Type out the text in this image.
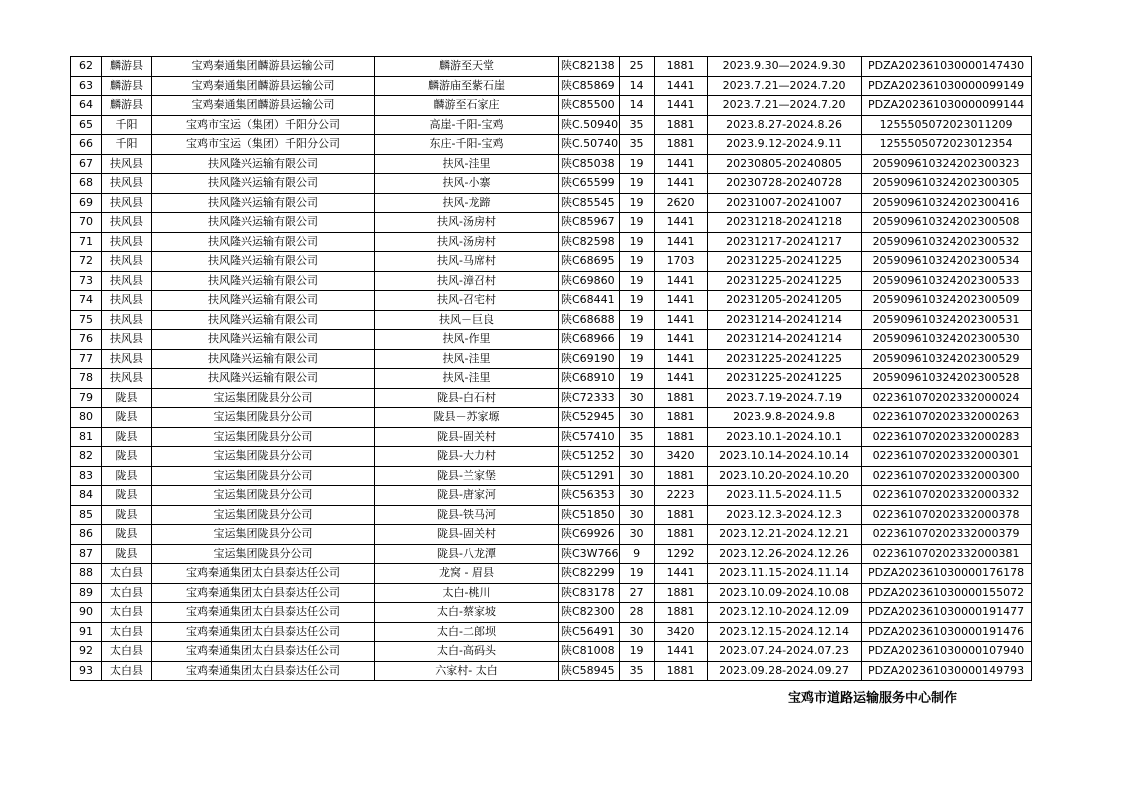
62	麟游县	宝鸡秦通集团麟游县运输公司	麟游至天堂	陕C82138	25	1881	2023.9.30—2024.9.30	PDZA202361030000147430
63	麟游县	宝鸡秦通集团麟游县运输公司	麟游庙至紫石崖	陕C85869	14	1441	2023.7.21—2024.7.20	PDZA202361030000099149
64	麟游县	宝鸡秦通集团麟游县运输公司	麟游至石家庄	陕C85500	14	1441	2023.7.21—2024.7.20	PDZA202361030000099144
65	千阳	宝鸡市宝运（集团）千阳分公司	高崖-千阳-宝鸡	陕C.50940	35	1881	2023.8.27-2024.8.26	1255505072023011209
66	千阳	宝鸡市宝运（集团）千阳分公司	东庄-千阳-宝鸡	陕C.50740	35	1881	2023.9.12-2024.9.11	1255505072023012354
67	扶风县	扶风隆兴运输有限公司	扶风-洼里	陕C85038	19	1441	20230805-20240805	205909610324202300323
68	扶风县	扶风隆兴运输有限公司	扶风-小寨	陕C65599	19	1441	20230728-20240728	205909610324202300305
69	扶风县	扶风隆兴运输有限公司	扶风-龙蹄	陕C85545	19	2620	20231007-20241007	205909610324202300416
70	扶风县	扶风隆兴运输有限公司	扶风-汤房村	陕C85967	19	1441	20231218-20241218	205909610324202300508
71	扶风县	扶风隆兴运输有限公司	扶风-汤房村	陕C82598	19	1441	20231217-20241217	205909610324202300532
72	扶风县	扶风隆兴运输有限公司	扶风-马席村	陕C68695	19	1703	20231225-20241225	205909610324202300534
73	扶风县	扶风隆兴运输有限公司	扶风-漳召村	陕C69860	19	1441	20231225-20241225	205909610324202300533
74	扶风县	扶风隆兴运输有限公司	扶风-召宅村	陕C68441	19	1441	20231205-20241205	205909610324202300509
75	扶风县	扶风隆兴运输有限公司	扶风－巨良	陕C68688	19	1441	20231214-20241214	205909610324202300531
76	扶风县	扶风隆兴运输有限公司	扶风-作里	陕C68966	19	1441	20231214-20241214	205909610324202300530
77	扶风县	扶风隆兴运输有限公司	扶风-洼里	陕C69190	19	1441	20231225-20241225	205909610324202300529
78	扶风县	扶风隆兴运输有限公司	扶风-洼里	陕C68910	19	1441	20231225-20241225	205909610324202300528
79	陇县	宝运集团陇县分公司	陇县-白石村	陕C72333	30	1881	2023.7.19-2024.7.19	022361070202332000024
80	陇县	宝运集团陇县分公司	陇县－苏家塬	陕C52945	30	1881	2023.9.8-2024.9.8	022361070202332000263
81	陇县	宝运集团陇县分公司	陇县-固关村	陕C57410	35	1881	2023.10.1-2024.10.1	022361070202332000283
82	陇县	宝运集团陇县分公司	陇县-大力村	陕C51252	30	3420	2023.10.14-2024.10.14	022361070202332000301
83	陇县	宝运集团陇县分公司	陇县-兰家堡	陕C51291	30	1881	2023.10.20-2024.10.20	022361070202332000300
84	陇县	宝运集团陇县分公司	陇县-唐家河	陕C56353	30	2223	2023.11.5-2024.11.5	022361070202332000332
85	陇县	宝运集团陇县分公司	陇县-铁马河	陕C51850	30	1881	2023.12.3-2024.12.3	022361070202332000378
86	陇县	宝运集团陇县分公司	陇县-固关村	陕C69926	30	1881	2023.12.21-2024.12.21	022361070202332000379
87	陇县	宝运集团陇县分公司	陇县-八龙潭	陕C3W766	9	1292	2023.12.26-2024.12.26	022361070202332000381
88	太白县	宝鸡秦通集团太白县泰达任公司	龙窝 - 眉县	陕C82299	19	1441	2023.11.15-2024.11.14	PDZA202361030000176178
89	太白县	宝鸡秦通集团太白县泰达任公司	太白-桃川	陕C83178	27	1881	2023.10.09-2024.10.08	PDZA202361030000155072
90	太白县	宝鸡秦通集团太白县泰达任公司	太白-蔡家坡	陕C82300	28	1881	2023.12.10-2024.12.09	PDZA202361030000191477
91	太白县	宝鸡秦通集团太白县泰达任公司	太白-二郎坝	陕C56491	30	3420	2023.12.15-2024.12.14	PDZA202361030000191476
92	太白县	宝鸡秦通集团太白县泰达任公司	太白-高码头	陕C81008	19	1441	2023.07.24-2024.07.23	PDZA202361030000107940
93	太白县	宝鸡秦通集团太白县泰达任公司	六家村- 太白	陕C58945	35	1881	2023.09.28-2024.09.27	PDZA202361030000149793
宝鸡市道路运输服务中心制作
